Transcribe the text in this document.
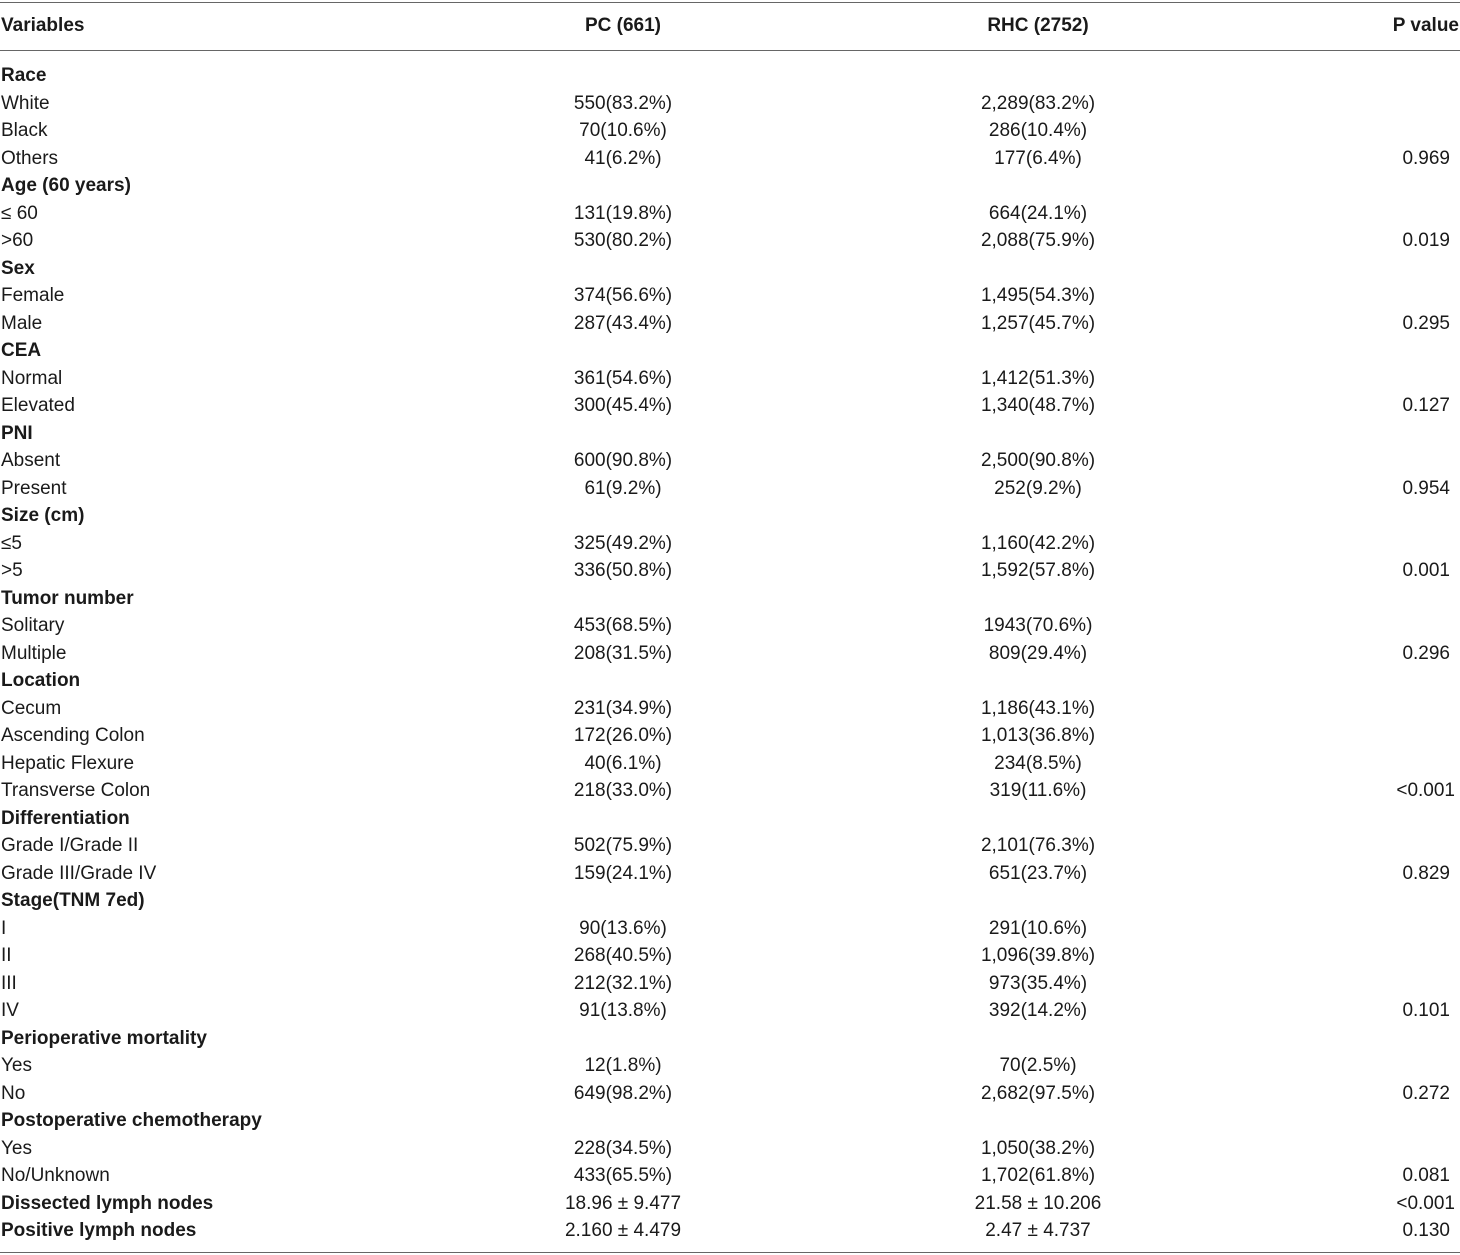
Variables	PC (661)	RHC (2752)	P value
Race
White	550(83.2%)	2,289(83.2%)
Black	70(10.6%)	286(10.4%)
Others	41(6.2%)	177(6.4%)	0.969
Age (60 years)
≤ 60	131(19.8%)	664(24.1%)
>60	530(80.2%)	2,088(75.9%)	0.019
Sex
Female	374(56.6%)	1,495(54.3%)
Male	287(43.4%)	1,257(45.7%)	0.295
CEA
Normal	361(54.6%)	1,412(51.3%)
Elevated	300(45.4%)	1,340(48.7%)	0.127
PNI
Absent	600(90.8%)	2,500(90.8%)
Present	61(9.2%)	252(9.2%)	0.954
Size (cm)
≤5	325(49.2%)	1,160(42.2%)
>5	336(50.8%)	1,592(57.8%)	0.001
Tumor number
Solitary	453(68.5%)	1943(70.6%)
Multiple	208(31.5%)	809(29.4%)	0.296
Location
Cecum	231(34.9%)	1,186(43.1%)
Ascending Colon	172(26.0%)	1,013(36.8%)
Hepatic Flexure	40(6.1%)	234(8.5%)
Transverse Colon	218(33.0%)	319(11.6%)	<0.001
Differentiation
Grade I/Grade II	502(75.9%)	2,101(76.3%)
Grade III/Grade IV	159(24.1%)	651(23.7%)	0.829
Stage(TNM 7ed)
I	90(13.6%)	291(10.6%)
II	268(40.5%)	1,096(39.8%)
III	212(32.1%)	973(35.4%)
IV	91(13.8%)	392(14.2%)	0.101
Perioperative mortality
Yes	12(1.8%)	70(2.5%)
No	649(98.2%)	2,682(97.5%)	0.272
Postoperative chemotherapy
Yes	228(34.5%)	1,050(38.2%)
No/Unknown	433(65.5%)	1,702(61.8%)	0.081
Dissected lymph nodes	18.96 ± 9.477	21.58 ± 10.206	<0.001
Positive lymph nodes	2.160 ± 4.479	2.47 ± 4.737	0.130
